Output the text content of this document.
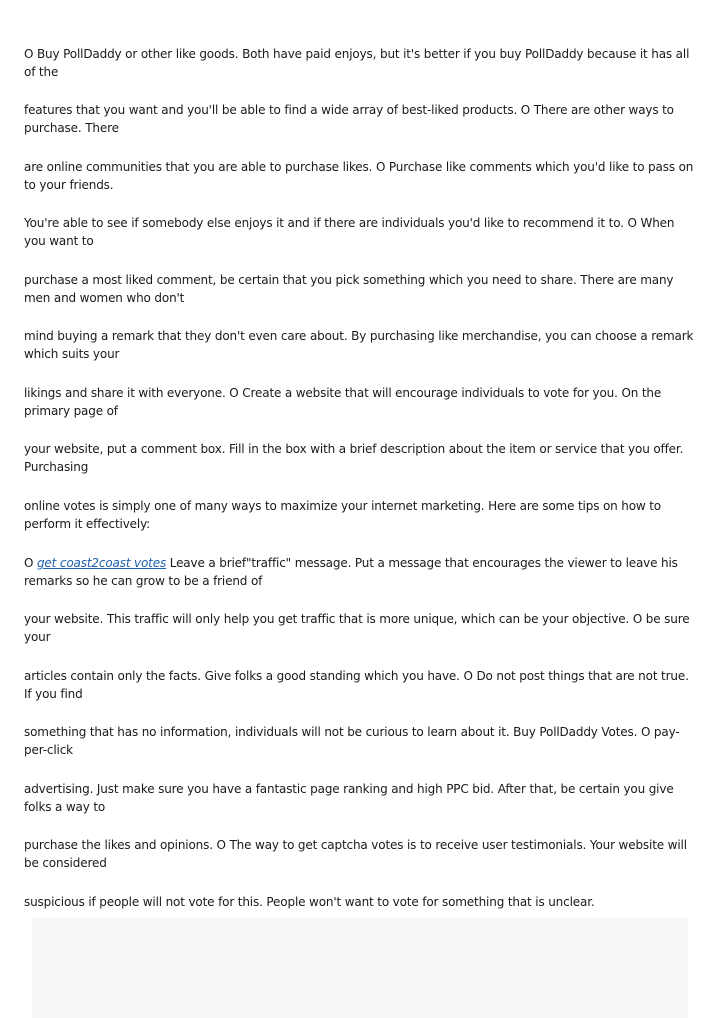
O Buy PollDaddy or other like goods. Both have paid enjoys, but it's better if you buy PollDaddy because it has all
of the

features that you want and you'll be able to find a wide array of best-liked products. O There are other ways to
purchase. There

are online communities that you are able to purchase likes. O Purchase like comments which you'd like to pass on
to your friends.

You're able to see if somebody else enjoys it and if there are individuals you'd like to recommend it to. O When
you want to

purchase a most liked comment, be certain that you pick something which you need to share. There are many
men and women who don't

mind buying a remark that they don't even care about. By purchasing like merchandise, you can choose a remark
which suits your

likings and share it with everyone. O Create a website that will encourage individuals to vote for you. On the
primary page of

your website, put a comment box. Fill in the box with a brief description about the item or service that you offer.
Purchasing

online votes is simply one of many ways to maximize your internet marketing. Here are some tips on how to
perform it effectively:

O get coast2coast votes Leave a brief"traffic" message. Put a message that encourages the viewer to leave his
remarks so he can grow to be a friend of

your website. This traffic will only help you get traffic that is more unique, which can be your objective. O be sure
your

articles contain only the facts. Give folks a good standing which you have. O Do not post things that are not true.
If you find

something that has no information, individuals will not be curious to learn about it. Buy PollDaddy Votes. O pay-
per-click

advertising. Just make sure you have a fantastic page ranking and high PPC bid. After that, be certain you give
folks a way to

purchase the likes and opinions. O The way to get captcha votes is to receive user testimonials. Your website will
be considered

suspicious if people will not vote for this. People won't want to vote for something that is unclear.
